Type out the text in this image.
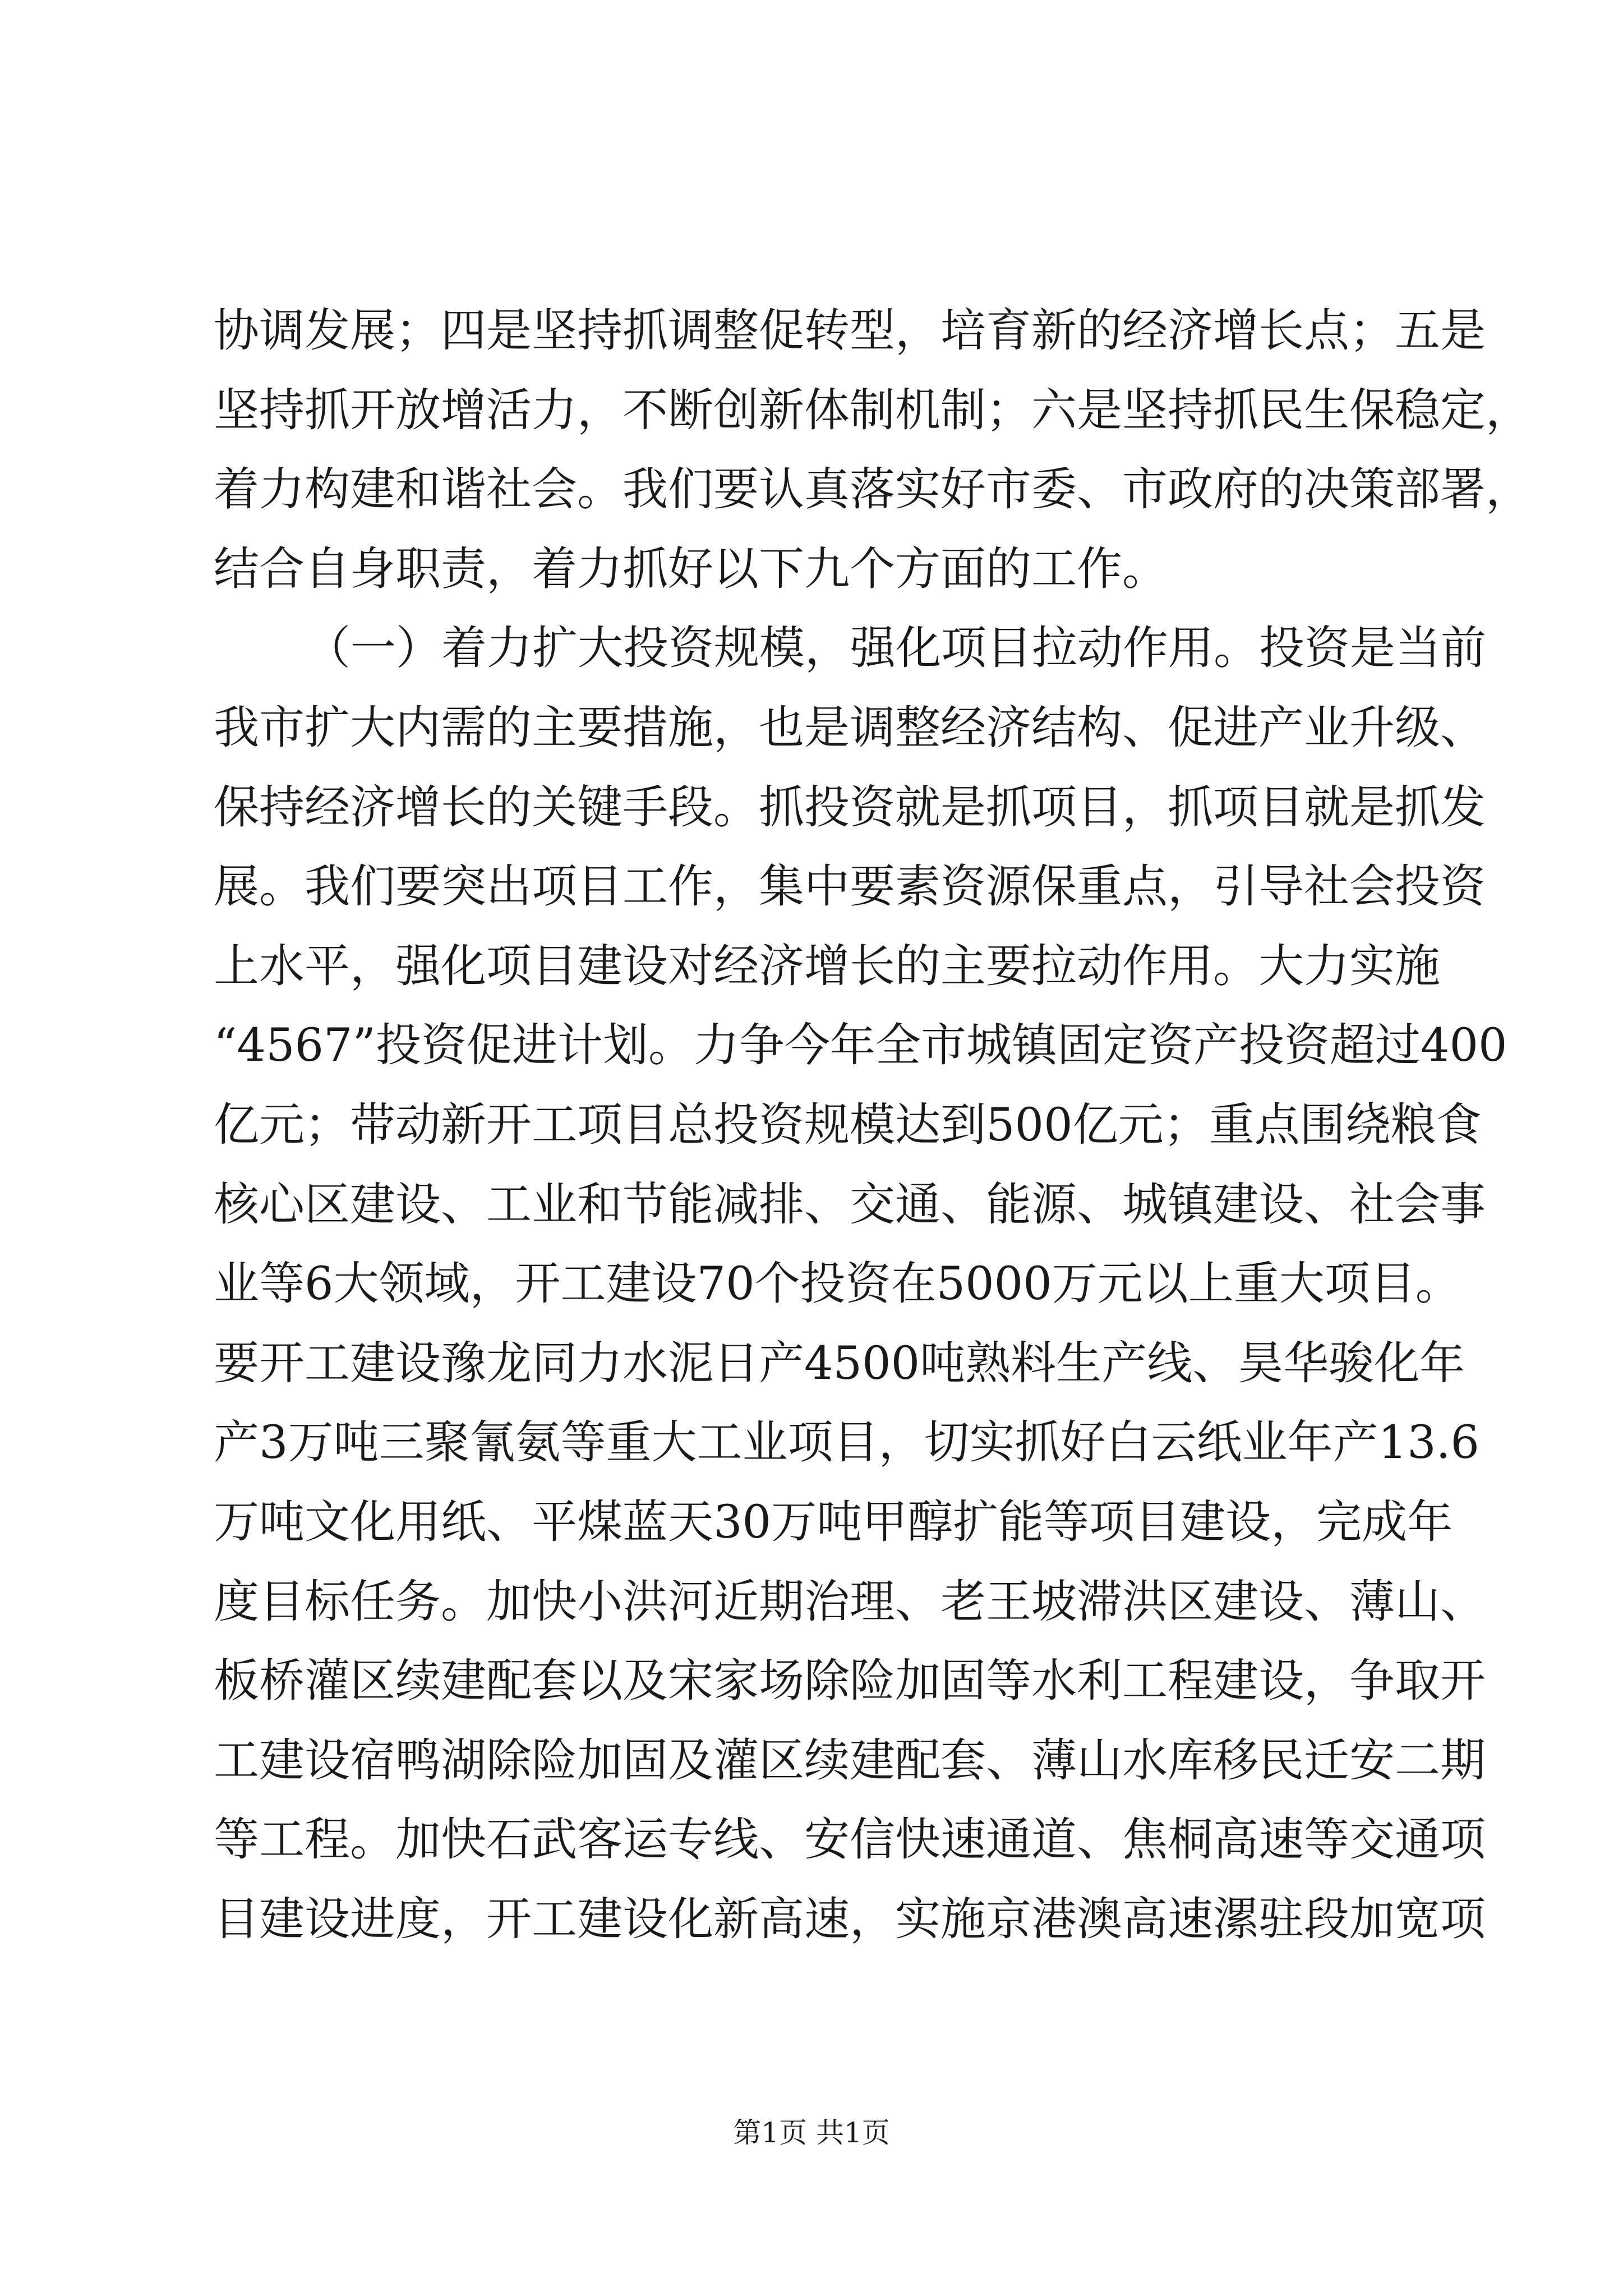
协调发展；四是坚持抓调整促转型，培育新的经济增长点；五是
坚持抓开放增活力，不断创新体制机制；六是坚持抓民生保稳定，
着力构建和谐社会。我们要认真落实好市委、市政府的决策部署，
结合自身职责，着力抓好以下九个方面的工作。
（一）着力扩大投资规模，强化项目拉动作用。投资是当前
我市扩大内需的主要措施，也是调整经济结构、促进产业升级、
保持经济增长的关键手段。抓投资就是抓项目，抓项目就是抓发
展。我们要突出项目工作，集中要素资源保重点，引导社会投资
上水平，强化项目建设对经济增长的主要拉动作用。大力实施
“4567”投资促进计划。力争今年全市城镇固定资产投资超过400
亿元；带动新开工项目总投资规模达到500亿元；重点围绕粮食
核心区建设、工业和节能减排、交通、能源、城镇建设、社会事
业等6大领域，开工建设70个投资在5000万元以上重大项目。
要开工建设豫龙同力水泥日产4500吨熟料生产线、昊华骏化年
产3万吨三聚氰氨等重大工业项目，切实抓好白云纸业年产13.6
万吨文化用纸、平煤蓝天30万吨甲醇扩能等项目建设，完成年
度目标任务。加快小洪河近期治理、老王坡滞洪区建设、薄山、
板桥灌区续建配套以及宋家场除险加固等水利工程建设，争取开
工建设宿鸭湖除险加固及灌区续建配套、薄山水库移民迁安二期
等工程。加快石武客运专线、安信快速通道、焦桐高速等交通项
目建设进度，开工建设化新高速，实施京港澳高速漯驻段加宽项
第1页 共1页
